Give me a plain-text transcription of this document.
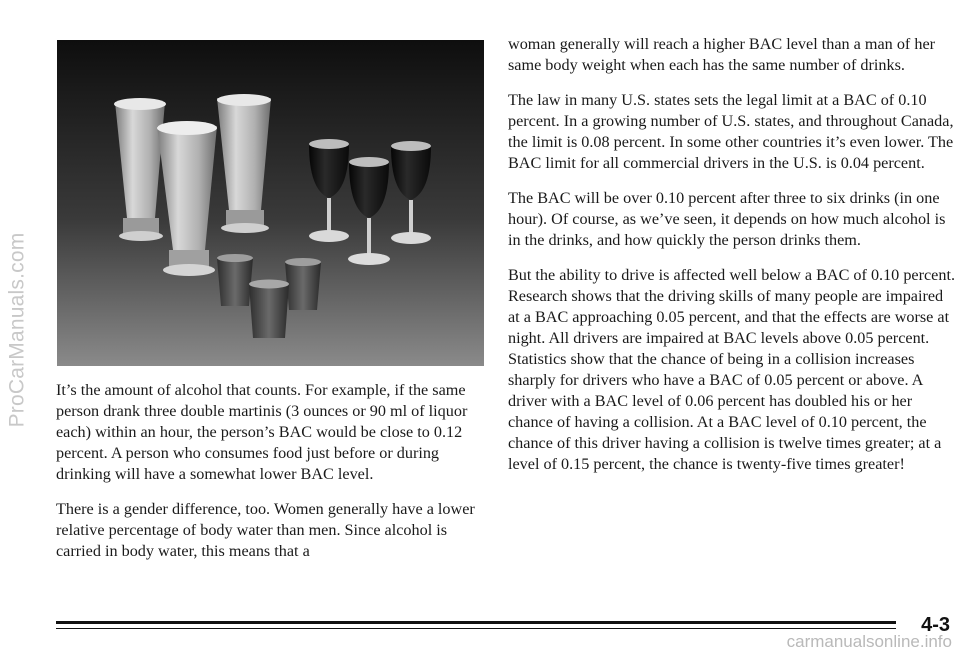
ProCarManuals.com It’s the amount of alcohol that counts. For example, if the same person drank three double martinis (3 ounces or 90 ml of liquor each) within an hour, the person’s BAC would be close to 0.12 percent. A person who consumes food just before or during drinking will have a somewhat lower BAC level.

There is a gender difference, too. Women generally have a lower relative percentage of body water than men. Since alcohol is carried in body water, this means that a

woman generally will reach a higher BAC level than a man of her same body weight when each has the same number of drinks.

The law in many U.S. states sets the legal limit at a BAC of 0.10 percent. In a growing number of U.S. states, and throughout Canada, the limit is 0.08 percent. In some other countries it’s even lower. The BAC limit for all commercial drivers in the U.S. is 0.04 percent.

The BAC will be over 0.10 percent after three to six drinks (in one hour). Of course, as we’ve seen, it depends on how much alcohol is in the drinks, and how quickly the person drinks them.

But the ability to drive is affected well below a BAC of 0.10 percent. Research shows that the driving skills of many people are impaired at a BAC approaching 0.05 percent, and that the effects are worse at night. All drivers are impaired at BAC levels above 0.05 percent. Statistics show that the chance of being in a collision increases sharply for drivers who have a BAC of 0.05 percent or above. A driver with a BAC level of 0.06 percent has doubled his or her chance of having a collision. At a BAC level of 0.10 percent, the chance of this driver having a collision is twelve times greater; at a level of 0.15 percent, the chance is twenty-five times greater!

4-3
carmanualsonline.info
